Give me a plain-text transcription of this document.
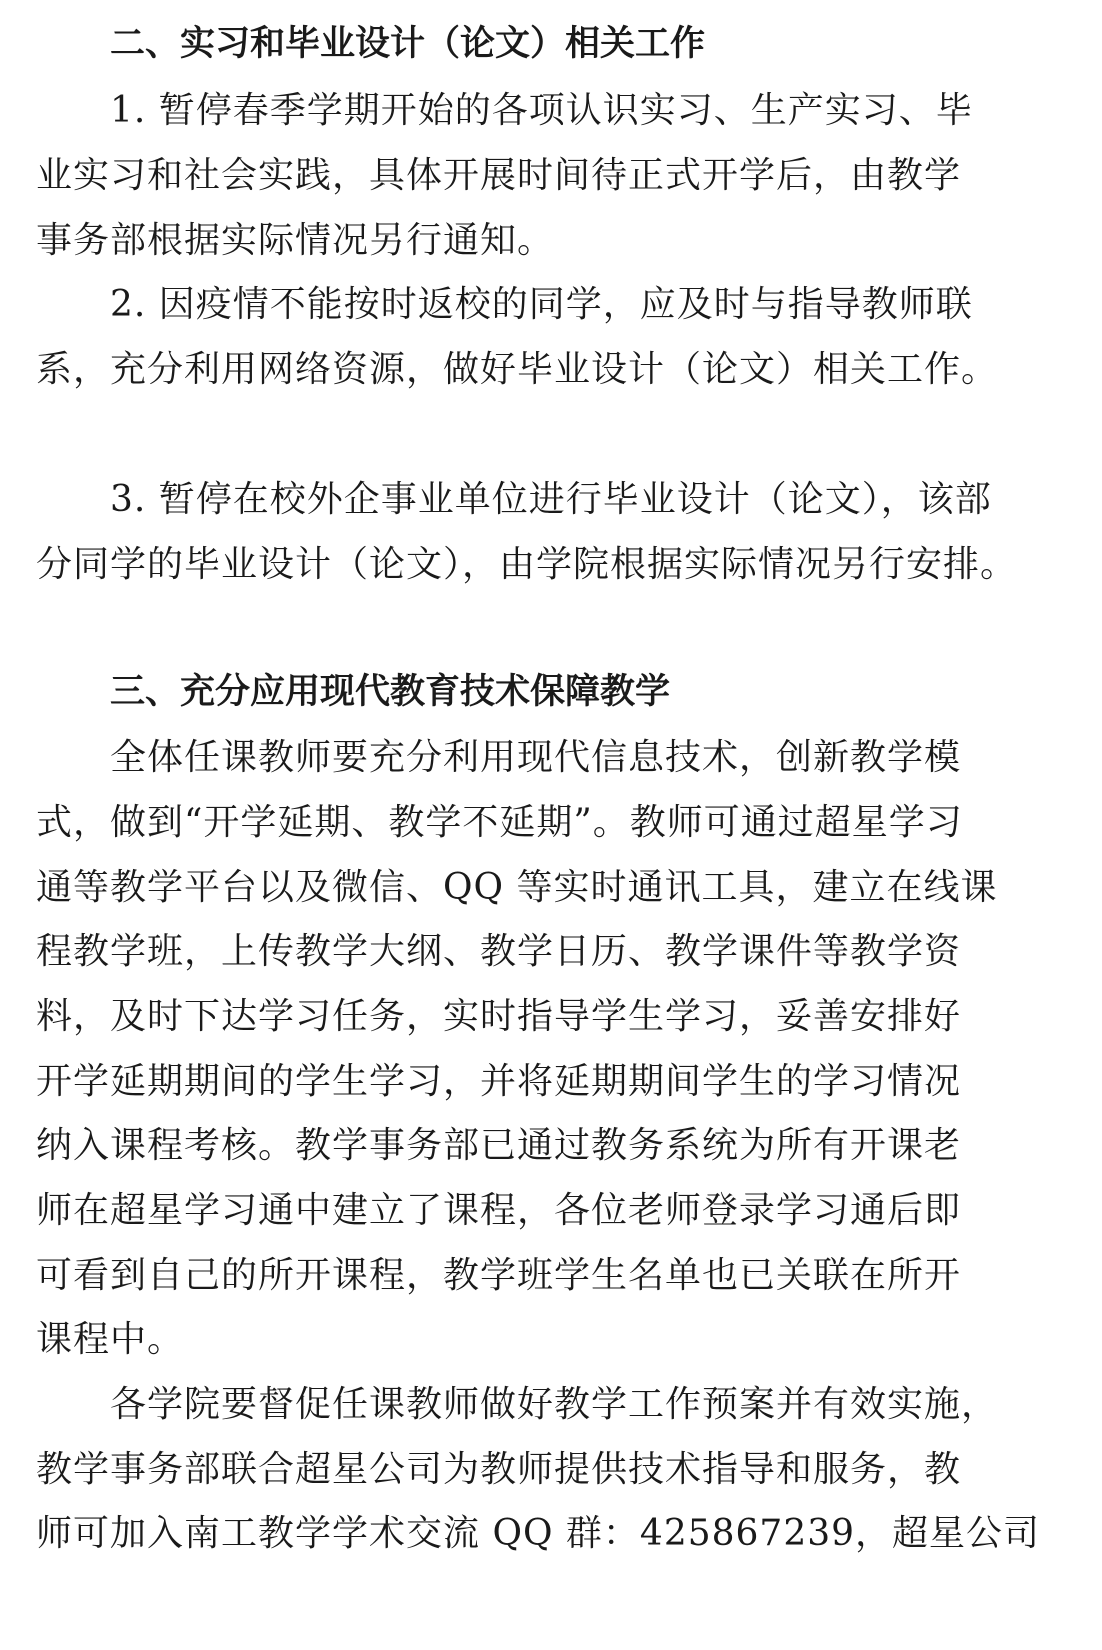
二、实习和毕业设计（论文）相关工作

1. 暂停春季学期开始的各项认识实习、生产实习、毕

业实习和社会实践，具体开展时间待正式开学后，由教学

事务部根据实际情况另行通知。

2. 因疫情不能按时返校的同学，应及时与指导教师联

系，充分利用网络资源，做好毕业设计（论文）相关工作。

3. 暂停在校外企事业单位进行毕业设计（论文），该部

分同学的毕业设计（论文），由学院根据实际情况另行安排。

三、充分应用现代教育技术保障教学

全体任课教师要充分利用现代信息技术，创新教学模

式，做到“开学延期、教学不延期”。教师可通过超星学习

通等教学平台以及微信、QQ 等实时通讯工具，建立在线课

程教学班，上传教学大纲、教学日历、教学课件等教学资

料，及时下达学习任务，实时指导学生学习，妥善安排好

开学延期期间的学生学习，并将延期期间学生的学习情况

纳入课程考核。教学事务部已通过教务系统为所有开课老

师在超星学习通中建立了课程，各位老师登录学习通后即

可看到自己的所开课程，教学班学生名单也已关联在所开

课程中。

各学院要督促任课教师做好教学工作预案并有效实施，

教学事务部联合超星公司为教师提供技术指导和服务，教

师可加入南工教学学术交流 QQ 群：425867239，超星公司
